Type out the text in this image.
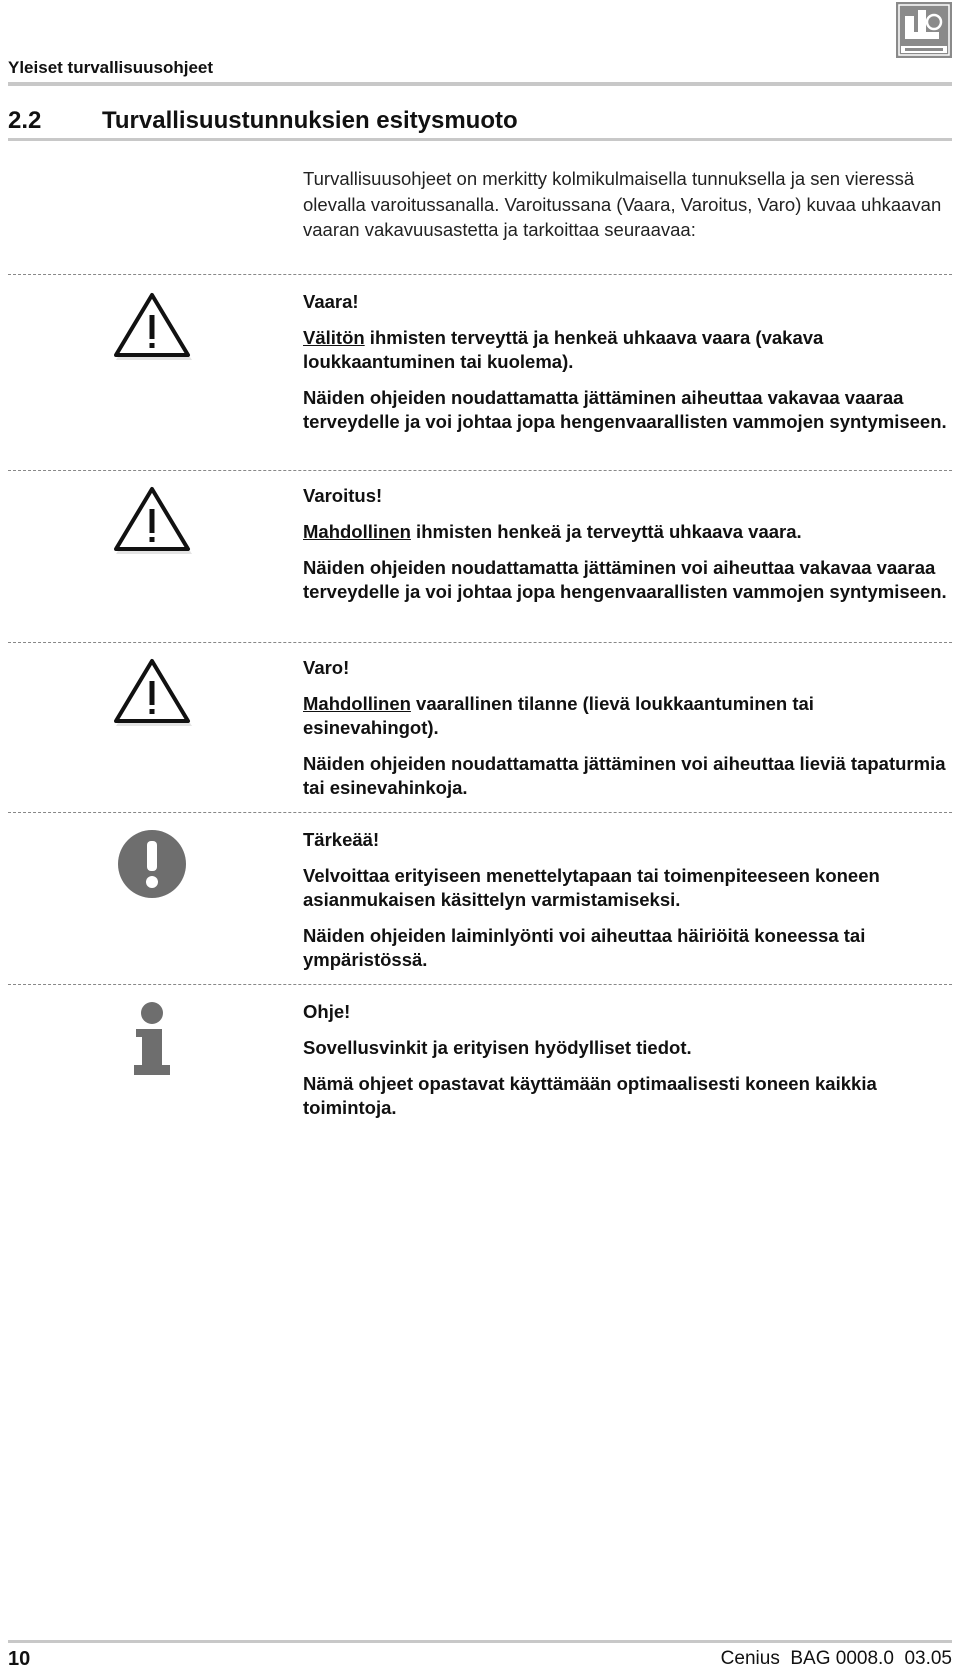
Yleiset turvallisuusohjeet
2.2	Turvallisuustunnuksien esitysmuoto
Turvallisuusohjeet on merkitty kolmikulmaisella tunnuksella ja sen vieressä olevalla varoitussanalla. Varoitussana (Vaara, Varoitus, Varo) kuvaa uhkaavan vaaran vakavuusastetta ja tarkoittaa seuraavaa:
Vaara!

Välitön ihmisten terveyttä ja henkeä uhkaava vaara (vakava loukkaantuminen tai kuolema).

Näiden ohjeiden noudattamatta jättäminen aiheuttaa vakavaa vaaraa terveydelle ja voi johtaa jopa hengenvaarallisten vammojen syntymiseen.

Varoitus!

Mahdollinen ihmisten henkeä ja terveyttä uhkaava vaara.

Näiden ohjeiden noudattamatta jättäminen voi aiheuttaa vakavaa vaaraa terveydelle ja voi johtaa jopa hengenvaarallisten vammojen syntymiseen.

Varo!

Mahdollinen vaarallinen tilanne (lievä loukkaantuminen tai esinevahingot).

Näiden ohjeiden noudattamatta jättäminen voi aiheuttaa lieviä tapaturmia tai esinevahinkoja.

Tärkeää!

Velvoittaa erityiseen menettelytapaan tai toimenpiteeseen koneen asianmukaisen käsittelyn varmistamiseksi.

Näiden ohjeiden laiminlyönti voi aiheuttaa häiriöitä koneessa tai ympäristössä.

Ohje!

Sovellusvinkit ja erityisen hyödylliset tiedot.

Nämä ohjeet opastavat käyttämään optimaalisesti koneen kaikkia toimintoja.

10	Cenius  BAG 0008.0  03.05
